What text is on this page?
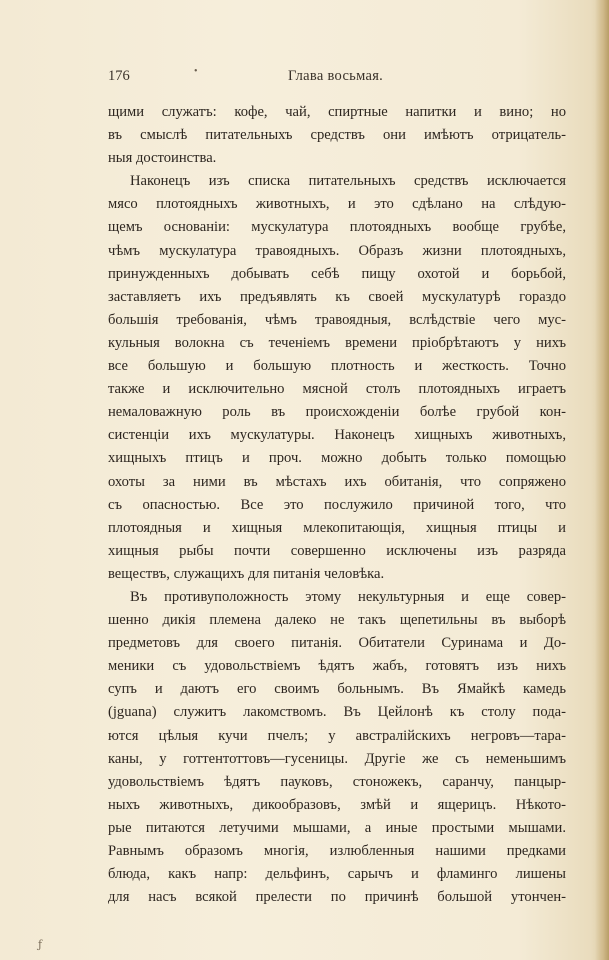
176	•	Глава восьмая.
щими служатъ: кофе, чай, спиртные напитки и вино; но
въ смыслѣ питательныхъ средствъ они имѣютъ отрицатель-
ныя достоинства.
Наконецъ изъ списка питательныхъ средствъ исключается
мясо плотоядныхъ животныхъ, и это сдѣлано на слѣдую-
щемъ основанiи: мускулатура плотоядныхъ вообще грубѣе,
чѣмъ мускулатура травоядныхъ. Образъ жизни плотоядныхъ,
принужденныхъ добывать себѣ пищу охотой и борьбой,
заставляетъ ихъ предъявлять къ своей мускулатурѣ гораздо
большiя требованiя, чѣмъ травоядныя, вслѣдствiе чего мус-
кульныя волокна съ теченiемъ времени прiобрѣтаютъ у нихъ
все большую и большую плотность и жесткость. Точно
также и исключительно мясной столъ плотоядныхъ играетъ
немаловажную роль въ происхожденiи болѣе грубой кон-
систенцiи ихъ мускулатуры. Наконецъ хищныхъ животныхъ,
хищныхъ птицъ и проч. можно добыть только помощью
охоты за ними въ мѣстахъ ихъ обитанiя, что сопряжено
съ опасностью. Все это послужило причиной того, что
плотоядныя и хищныя млекопитающiя, хищныя птицы и
хищныя рыбы почти совершенно исключены изъ разряда
веществъ, служащихъ для питанiя человѣка.
Въ противуположность этому некультурныя и еще совер-
шенно дикiя племена далеко не такъ щепетильны въ выборѣ
предметовъ для своего питанiя. Обитатели Суринама и До-
меники съ удовольствiемъ ѣдятъ жабъ, готовятъ изъ нихъ
супъ и даютъ его своимъ больнымъ. Въ Ямайкѣ камедь
(jguana) служитъ лакомствомъ. Въ Цейлонѣ къ столу пода-
ются цѣлыя кучи пчелъ; у австралiйскихъ негровъ—тара-
каны, у готтентоттовъ—гусеницы. Другiе же съ неменьшимъ
удовольствiемъ ѣдятъ пауковъ, стоножекъ, саранчу, панцыр-
ныхъ животныхъ, дикообразовъ, змѣй и ящерицъ. Нѣкото-
рые питаются летучими мышами, а иные простыми мышами.
Равнымъ образомъ многiя, излюбленныя нашими предками
блюда, какъ напр: дельфинъ, сарычъ и фламинго лишены
для насъ всякой прелести по причинѣ большой утончен-
ƒ
